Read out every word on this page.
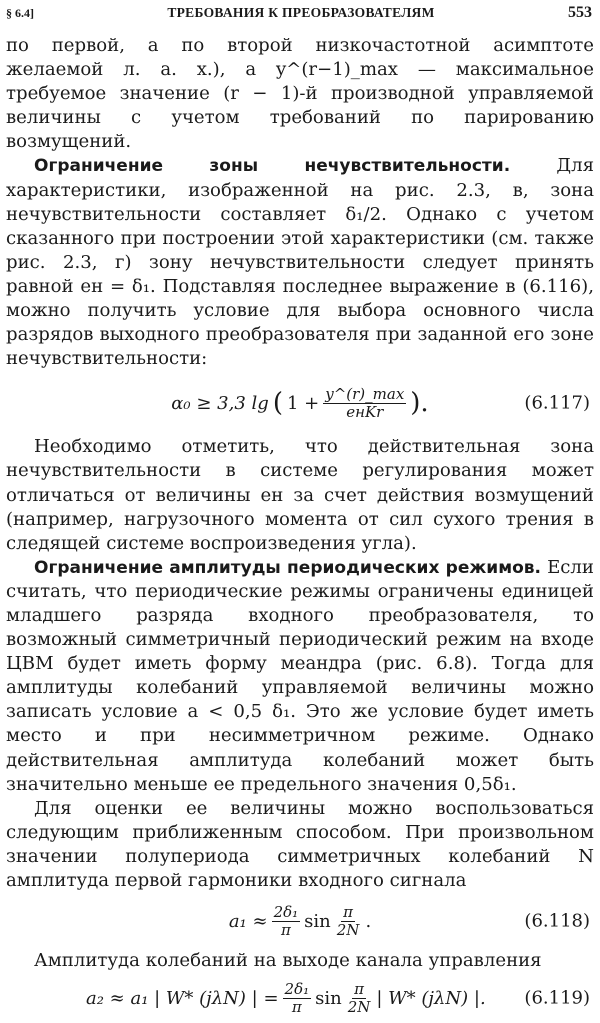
§ 6.4]	ТРЕБОВАНИЯ К ПРЕОБРАЗОВАТЕЛЯМ	553

по первой, а по второй низкочастотной асимптоте желаемой л. а. х.), а y^(r−1)_max — максимальное требуемое значение (r − 1)-й производной управляемой величины с учетом требований по парированию возмущений.

Ограничение зоны нечувствительности. Для характеристики, изображенной на рис. 2.3, в, зона нечувствительности составляет δ₁/2. Однако с учетом сказанного при построении этой характеристики (см. также рис. 2.3, г) зону нечувствительности следует принять равной eн = δ₁. Подставляя последнее выражение в (6.116), можно получить условие для выбора основного числа разрядов выходного преобразователя при заданной его зоне нечувствительности:

α₀ ≥ 3,3 lg ( $1 + \frac{y\^{}(r)\_\max}{\text{eнKr}}$ ).	(6.117)

Необходимо отметить, что действительная зона нечувствительности в системе регулирования может отличаться от величины eн за счет действия возмущений (например, нагрузочного момента от сил сухого трения в следящей системе воспроизведения угла).

Ограничение амплитуды периодических режимов. Если считать, что периодические режимы ограничены единицей младшего разряда входного преобразователя, то возможный симметричный периодический режим на входе ЦВМ будет иметь форму меандра (рис. 6.8). Тогда для амплитуды колебаний управляемой величины можно записать условие a < 0,5 δ₁. Это же условие будет иметь место и при несимметричном режиме. Однако действительная амплитуда колебаний может быть значительно меньше ее предельного значения 0,5δ₁.

Для оценки ее величины можно воспользоваться следующим приближенным способом. При произвольном значении полупериода симметричных колебаний N амплитуда первой гармоники входного сигнала

$a_1 \approx \frac{\text{2δ₁}}{\pi}$ $\sin \frac{\pi}{2N}$ .	(6.118)

Амплитуда колебаний на выходе канала управления

a₂ ≈ a₁ | W* (jλN) | = $\frac{\text{2δ₁}}{\pi}$ $\sin \frac{\pi}{2N}$ | W* (jλN) |. (6.119)
